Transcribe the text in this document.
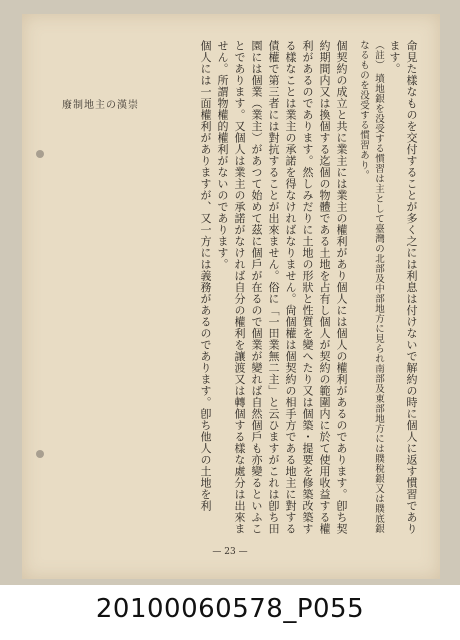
廢制地主の漢崇	命見た樣なものを交付することが多く之には利息は付けないで解約の時に個人に返す慣習であります。

（註） 墳地銀を没受する慣習は主として臺灣の北部及中部地方に見られ南部及東部地方には贌稅銀又は贌底銀なるものを没受する慣習あり。

個契約の成立と共に業主には業主の權利があり個人には個人の權利があるのであります。卽ち契約期間内又は換個する迄個の物體である土地を占有し個人が契約の範圍内に於て使用收益する權利があるのであります。然しみだりに土地の形狀と性質を變へたり又は個築・提要を修築改築する樣なことは業主の承諾を得なければなりません。尙個權は個契約の相手方である地主に對する債權で第三者には對抗することが出來ません。俗に「一田業無二主」と云ひますがこれは卽ち田園には個業（業主）があつて始めて茲に個戶が在るので個業が變れば自然個戶も亦變るといふことであります。又個人は業主の承諾がなければ自分の權利を讓渡又は轉個する樣な處分は出來ません。所謂物權的權利がないのであります。

個人には一面權利がありますが、又一方には義務があるのであります。卽ち他人の土地を利

— 23 —
20100060578_P055
